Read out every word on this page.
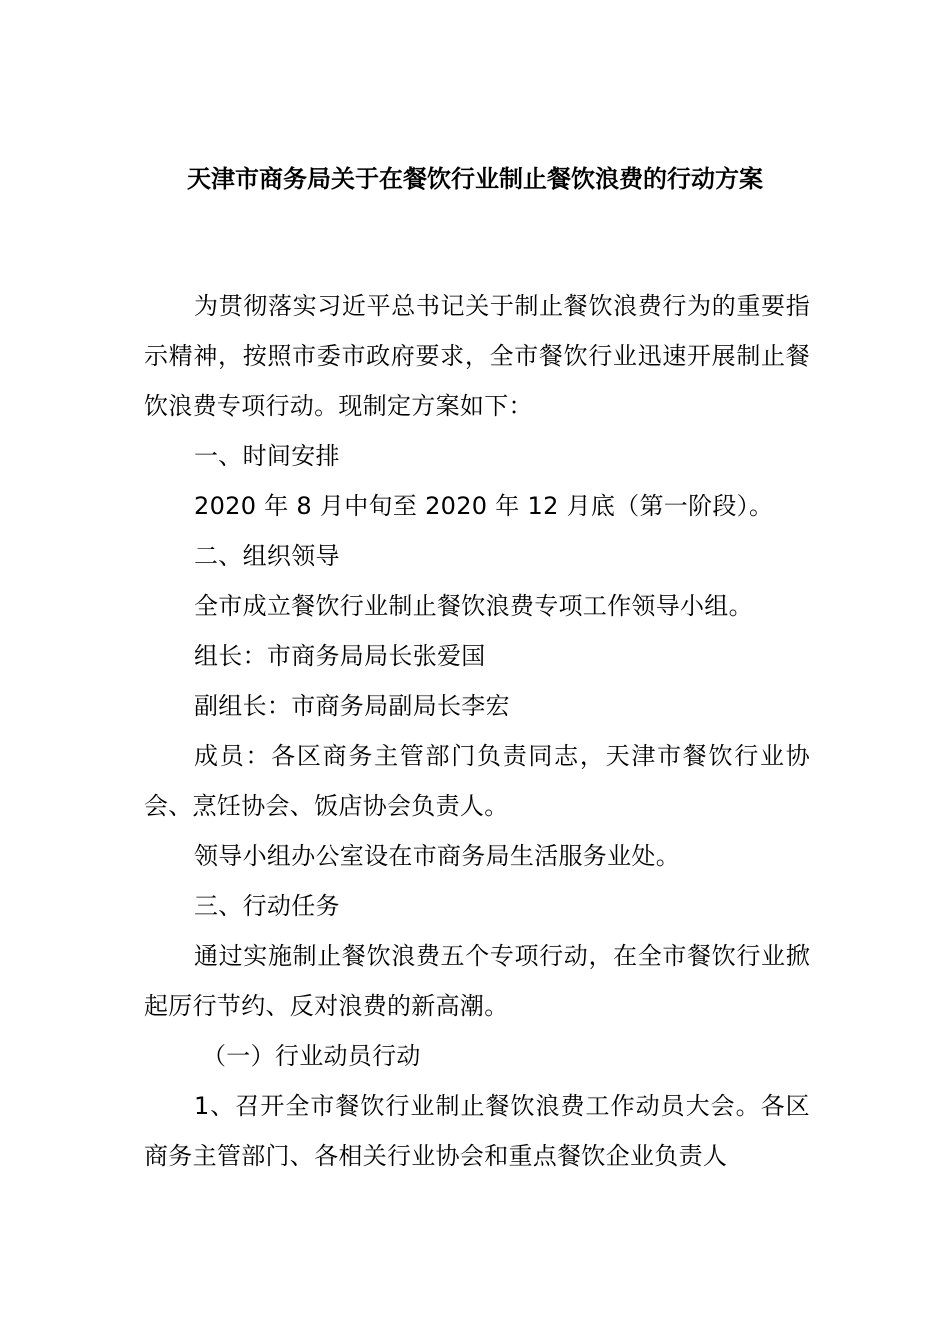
天津市商务局关于在餐饮行业制止餐饮浪费的行动方案

为贯彻落实习近平总书记关于制止餐饮浪费行为的重要指示精神，按照市委市政府要求，全市餐饮行业迅速开展制止餐饮浪费专项行动。现制定方案如下：

一、时间安排

2020 年 8 月中旬至 2020 年 12 月底（第一阶段）。

二、组织领导

全市成立餐饮行业制止餐饮浪费专项工作领导小组。

组长：市商务局局长张爱国

副组长：市商务局副局长李宏

成员：各区商务主管部门负责同志，天津市餐饮行业协会、烹饪协会、饭店协会负责人。

领导小组办公室设在市商务局生活服务业处。

三、行动任务

通过实施制止餐饮浪费五个专项行动，在全市餐饮行业掀起厉行节约、反对浪费的新高潮。

（一）行业动员行动

1、召开全市餐饮行业制止餐饮浪费工作动员大会。各区商务主管部门、各相关行业协会和重点餐饮企业负责人
